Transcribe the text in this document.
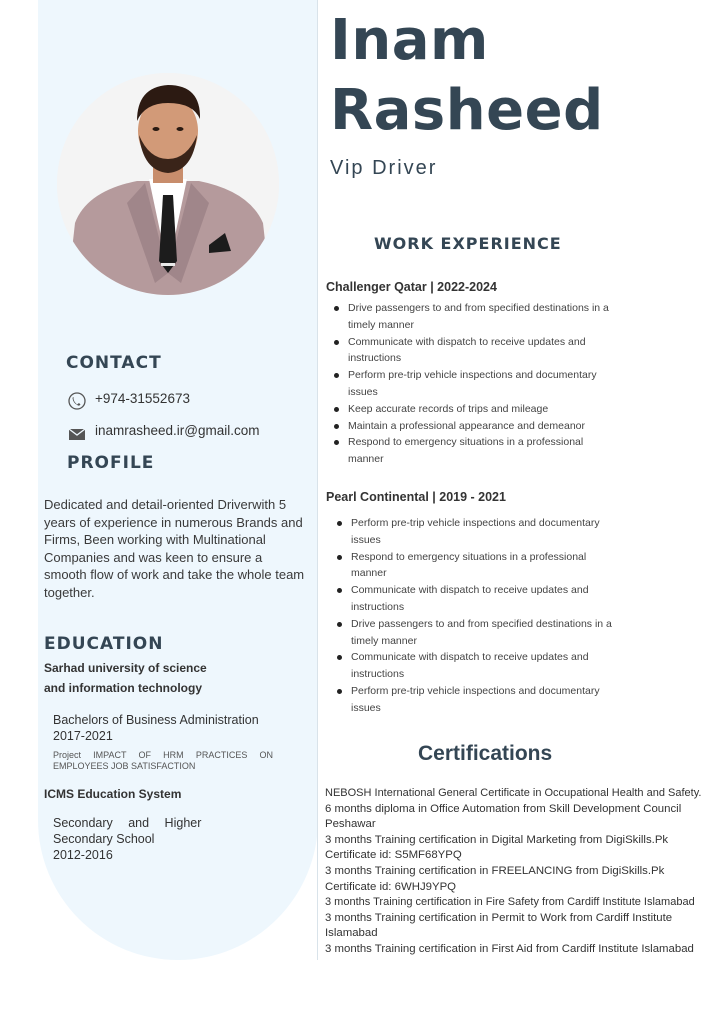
CONTACT
+974-31552673
inamrasheed.ir@gmail.com
PROFILE
Dedicated and detail-oriented Driverwith 5 years of experience in numerous Brands and Firms, Been working with Multinational Companies and was keen to ensure a smooth flow of work and take the whole team together.
EDUCATION
Sarhad university of science
and information technology
Bachelors of Business Administration
2017-2021
Project IMPACT OF HRM PRACTICES ON EMPLOYEES JOB SATISFACTION
ICMS Education System
Secondary and Higher
Secondary School
2012-2016
Inam
Rasheed
Vip Driver
WORK EXPERIENCE
Challenger Qatar | 2022-2024
Drive passengers to and from specified destinations in a timely manner
Communicate with dispatch to receive updates and instructions
Perform pre-trip vehicle inspections and documentary issues
Keep accurate records of trips and mileage
Maintain a professional appearance and demeanor
Respond to emergency situations in a professional manner
Pearl Continental | 2019 - 2021
Perform pre-trip vehicle inspections and documentary issues
Respond to emergency situations in a professional manner
Communicate with dispatch to receive updates and instructions
Drive passengers to and from specified destinations in a timely manner
Communicate with dispatch to receive updates and instructions
Perform pre-trip vehicle inspections and documentary issues
Certifications
NEBOSH International General Certificate in Occupational Health and Safety.
6 months diploma in Office Automation from Skill Development Council Peshawar
3 months Training certification in Digital Marketing from DigiSkills.Pk
Certificate id: S5MF68YPQ
3 months Training certification in FREELANCING from DigiSkills.Pk
Certificate id: 6WHJ9YPQ
3 months Training certification in Fire Safety from Cardiff Institute Islamabad
3 months Training certification in Permit to Work from Cardiff Institute Islamabad
3 months Training certification in First Aid from Cardiff Institute Islamabad
